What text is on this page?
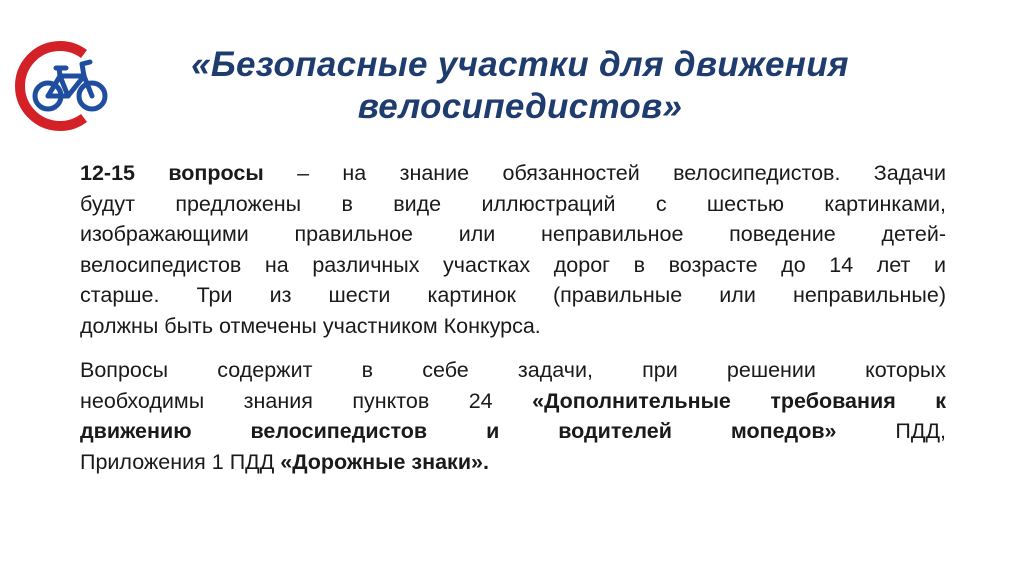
«Безопасные участки для движения
велосипедистов»
12-15 вопросы – на знание обязанностей велосипедистов. Задачи
будут предложены в виде иллюстраций с шестью картинками,
изображающими правильное или неправильное поведение детей-
велосипедистов на различных участках дорог в возрасте до 14 лет и
старше. Три из шести картинок (правильные или неправильные)
должны быть отмечены участником Конкурса.
Вопросы содержит в себе задачи, при решении которых
необходимы знания пунктов 24 «Дополнительные требования к
движению велосипедистов и водителей мопедов» ПДД,
Приложения 1 ПДД «Дорожные знаки».
